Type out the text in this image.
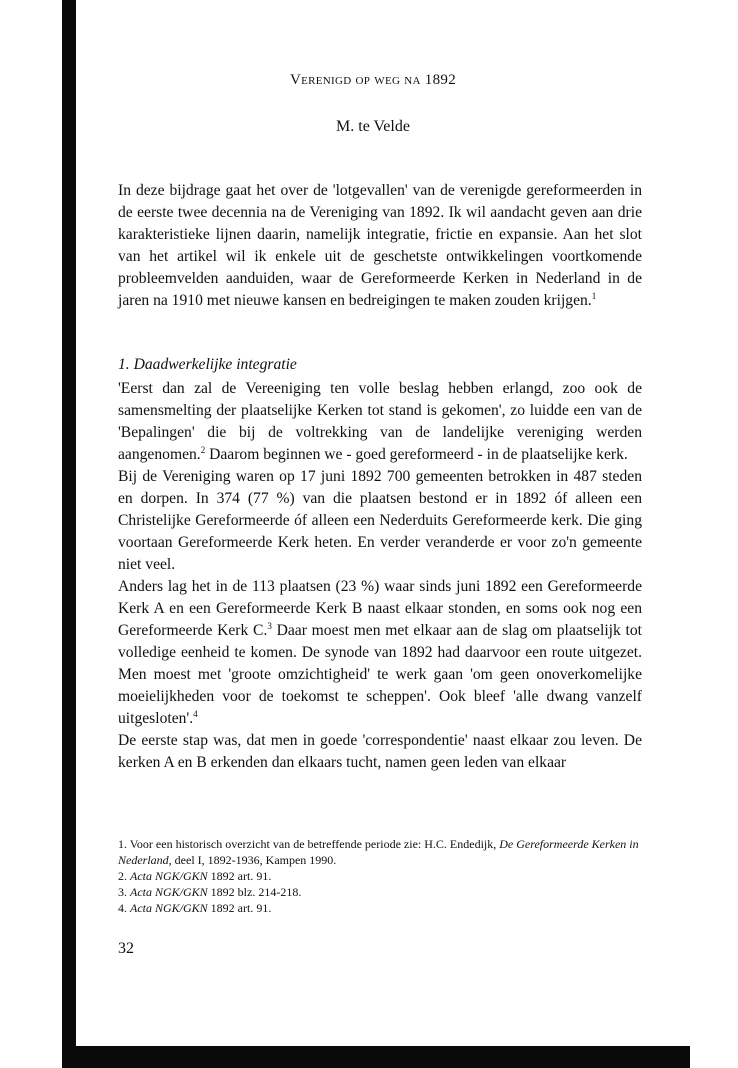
Verenigd op weg na 1892
M. te Velde

In deze bijdrage gaat het over de 'lotgevallen' van de verenigde gereformeerden in de eerste twee decennia na de Vereniging van 1892. Ik wil aandacht geven aan drie karakteristieke lijnen daarin, namelijk integratie, frictie en expansie. Aan het slot van het artikel wil ik enkele uit de geschetste ontwikkelingen voortkomende probleemvelden aanduiden, waar de Gereformeerde Kerken in Nederland in de jaren na 1910 met nieuwe kansen en bedreigingen te maken zouden krijgen.$^1$

1. Daadwerkelijke integratie

'Eerst dan zal de Vereeniging ten volle beslag hebben erlangd, zoo ook de samensmelting der plaatselijke Kerken tot stand is gekomen', zo luidde een van de 'Bepalingen' die bij de voltrekking van de landelijke vereniging werden aangenomen.$^2$ Daarom beginnen we - goed gereformeerd - in de plaatselijke kerk.

Bij de Vereniging waren op 17 juni 1892 700 gemeenten betrokken in 487 steden en dorpen. In 374 (77 %) van die plaatsen bestond er in 1892 óf alleen een Christelijke Gereformeerde óf alleen een Nederduits Gereformeerde kerk. Die ging voortaan Gereformeerde Kerk heten. En verder veranderde er voor zo'n gemeente niet veel.

Anders lag het in de 113 plaatsen (23 %) waar sinds juni 1892 een Gereformeerde Kerk A en een Gereformeerde Kerk B naast elkaar stonden, en soms ook nog een Gereformeerde Kerk C.$^3$ Daar moest men met elkaar aan de slag om plaatselijk tot volledige eenheid te komen. De synode van 1892 had daarvoor een route uitgezet. Men moest met 'groote omzichtigheid' te werk gaan 'om geen onoverkomelijke moeielijkheden voor de toekomst te scheppen'. Ook bleef 'alle dwang vanzelf uitgesloten'.$^4$

De eerste stap was, dat men in goede 'correspondentie' naast elkaar zou leven. De kerken A en B erkenden dan elkaars tucht, namen geen leden van elkaar

1. Voor een historisch overzicht van de betreffende periode zie: H.C. Endedijk, De Gereformeerde Kerken in Nederland, deel I, 1892-1936, Kampen 1990.
2. Acta NGK/GKN 1892 art. 91.
3. Acta NGK/GKN 1892 blz. 214-218.
4. Acta NGK/GKN 1892 art. 91.
32
